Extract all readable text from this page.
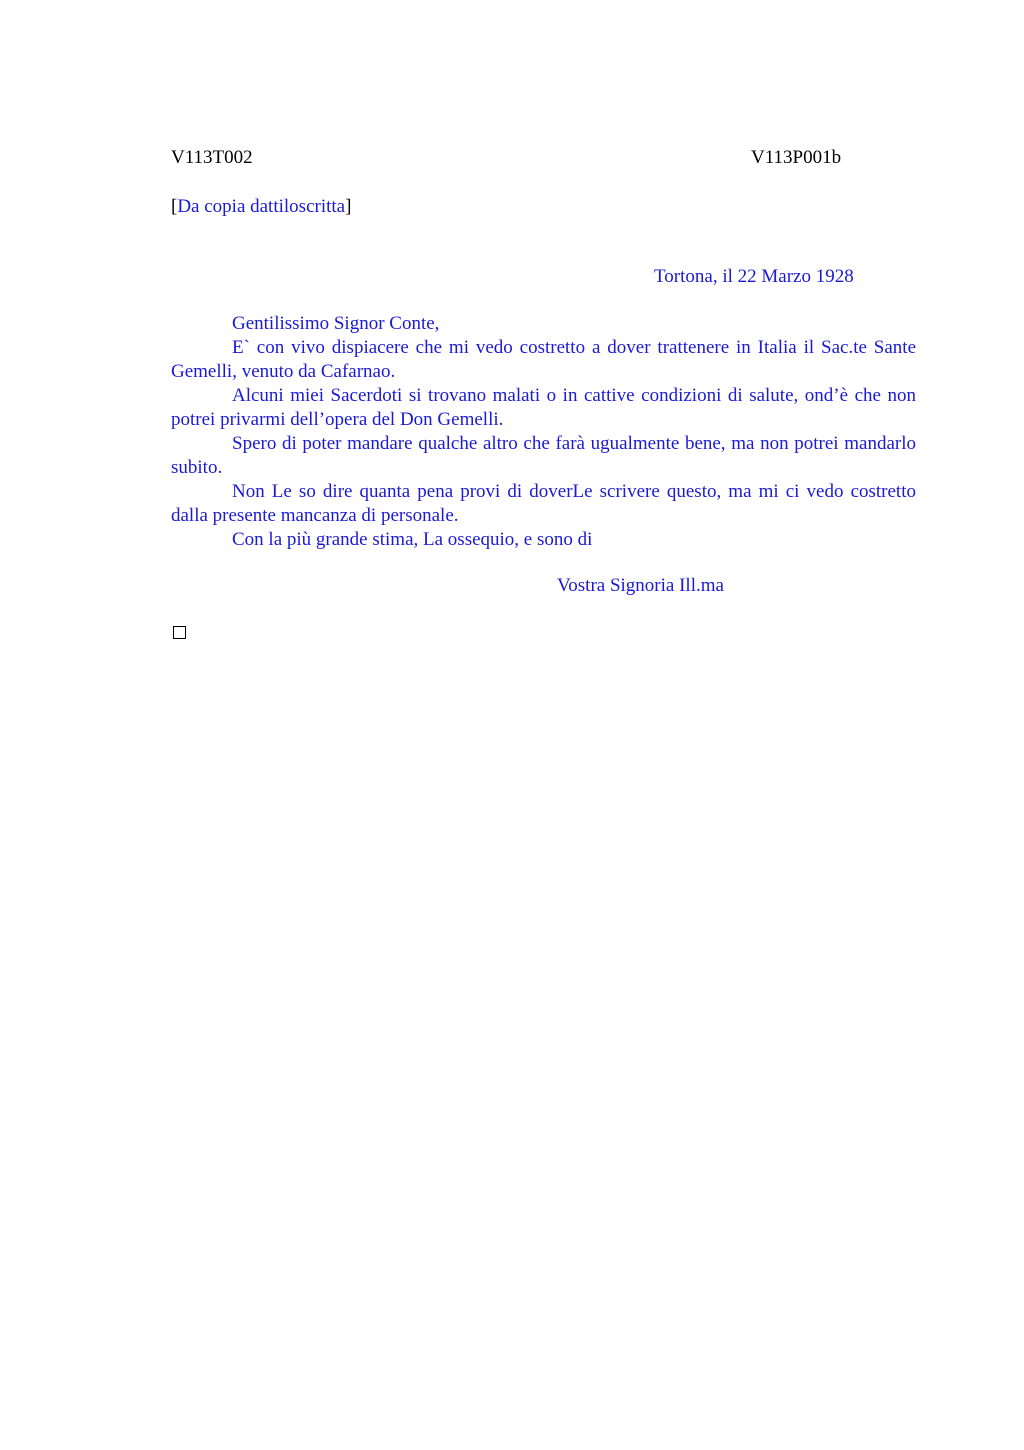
V113T002	V113P001b
[Da copia dattiloscritta]
Tortona, il 22 Marzo 1928

Gentilissimo Signor Conte,

E` con vivo dispiacere che mi vedo costretto a dover trattenere in Italia il Sac.te Sante Gemelli, venuto da Cafarnao.

Alcuni miei Sacerdoti si trovano malati o in cattive condizioni di salute, ond’è che non potrei privarmi dell’opera del Don Gemelli.

Spero di poter mandare qualche altro che farà ugualmente bene, ma non potrei mandarlo subito.

Non Le so dire quanta pena provi di doverLe scrivere questo, ma mi ci vedo costretto dalla presente mancanza di personale.

Con la più grande stima, La ossequio, e sono di

Vostra Signoria Ill.ma
